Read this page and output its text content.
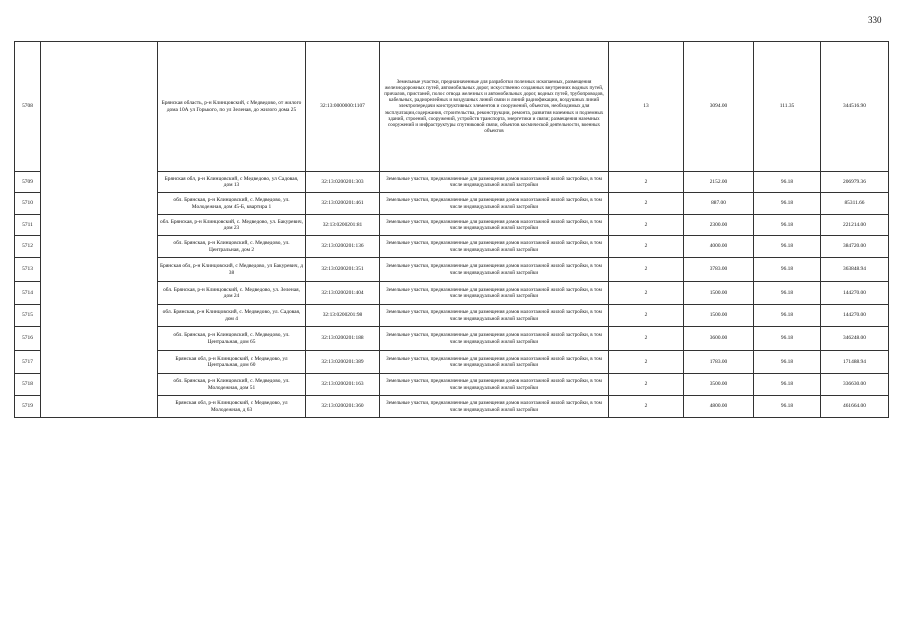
330
5708		Брянская область, р-н Клинцовский, с Медведово, от жилого дома 10А ул Горького, по ул Зеленая, до жилого дома 25	32:13:0000000:1107	Земельные участки, предназначенные для разработки полезных ископаемых, размещения железнодорожных путей, автомобильных дорог, искусственно созданных внутренних водных путей, причалов, пристаней, полос отвода железных и автомобильных дорог, водных путей, трубопроводов, кабельных, радиорелейных и воздушных линий связи и линий радиофикации, воздушных линий электропередачи конструктивных элементов и сооружений, объектов, необходимых для эксплуатации,содержания, строительства, реконструкции, ремонта, развития наземных и подземных зданий, строений, сооружений, устройств транспорта, энергетики и связи; размещения наземных сооружений и инфраструктуры спутниковой связи, объектов космической деятельности, военных объектов	13	3094.00	111.35	344516.90
5709		Брянская обл, р-н Клинцовский, с Медведово, ул Садовая, дом 13	32:13:0200201:303	Земельные участки, предназначенные для размещения домов малоэтажной жилой застройки, в том числе индивидуальной жилой застройки	2	2152.00	96.18	206979.36
5710		обл. Брянская, р-н Клинцовский, с. Медведово, ул. Молодежная, дом 45-Б, квартира 1	32:13:0200201:461	Земельные участки, предназначенные для размещения домов малоэтажной жилой застройки, в том числе индивидуальной жилой застройки	2	887.00	96.18	85311.66
5711		обл. Брянская, р-н Клинцовский, с. Медведово, ул. Бакуревич, дом 23	32:13:0200201:81	Земельные участки, предназначенные для размещения домов малоэтажной жилой застройки, в том числе индивидуальной жилой застройки	2	2300.00	96.18	221214.00
5712		обл. Брянская, р-н Клинцовский, с. Медведово, ул. Центральная, дом 2	32:13:0200201:136	Земельные участки, предназначенные для размещения домов малоэтажной жилой застройки, в том числе индивидуальной жилой застройки	2	4000.00	96.18	384720.00
5713		Брянская обл, р-н Клинцовский, с Медведово, ул Бакуревич, д 38	32:13:0200201:351	Земельные участки, предназначенные для размещения домов малоэтажной жилой застройки, в том числе индивидуальной жилой застройки	2	3783.00	96.18	363848.94
5714		обл. Брянская, р-н Клинцовский, с. Медведово, ул. Зеленая, дом 24	32:13:0200201:404	Земельные участки, предназначенные для размещения домов малоэтажной жилой застройки, в том числе индивидуальной жилой застройки	2	1500.00	96.18	144270.00
5715		обл. Брянская, р-н Клинцовский, с. Медведово, ул. Садовая, дом 4	32:13:0200201:98	Земельные участки, предназначенные для размещения домов малоэтажной жилой застройки, в том числе индивидуальной жилой застройки	2	1500.00	96.18	144270.00
5716		обл. Брянская, р-н Клинцовский, с. Медведово, ул. Центральная, дом 65	32:13:0200201:188	Земельные участки, предназначенные для размещения домов малоэтажной жилой застройки, в том числе индивидуальной жилой застройки	2	3600.00	96.18	346248.00
5717		Брянская обл, р-н Клинцовский, с Медведово, ул Центральная, дом 60	32:13:0200201:389	Земельные участки, предназначенные для размещения домов малоэтажной жилой застройки, в том числе индивидуальной жилой застройки	2	1783.00	96.18	171488.94
5718		обл. Брянская, р-н Клинцовский, с. Медведово, ул. Молодежная, дом 51	32:13:0200201:163	Земельные участки, предназначенные для размещения домов малоэтажной жилой застройки, в том числе индивидуальной жилой застройки	2	3500.00	96.18	336630.00
5719		Брянская обл, р-н Клинцовский, с Медведово, ул Молодежная, д 63	32:13:0200201:360	Земельные участки, предназначенные для размещения домов малоэтажной жилой застройки, в том числе индивидуальной жилой застройки	2	4800.00	96.18	461664.00
